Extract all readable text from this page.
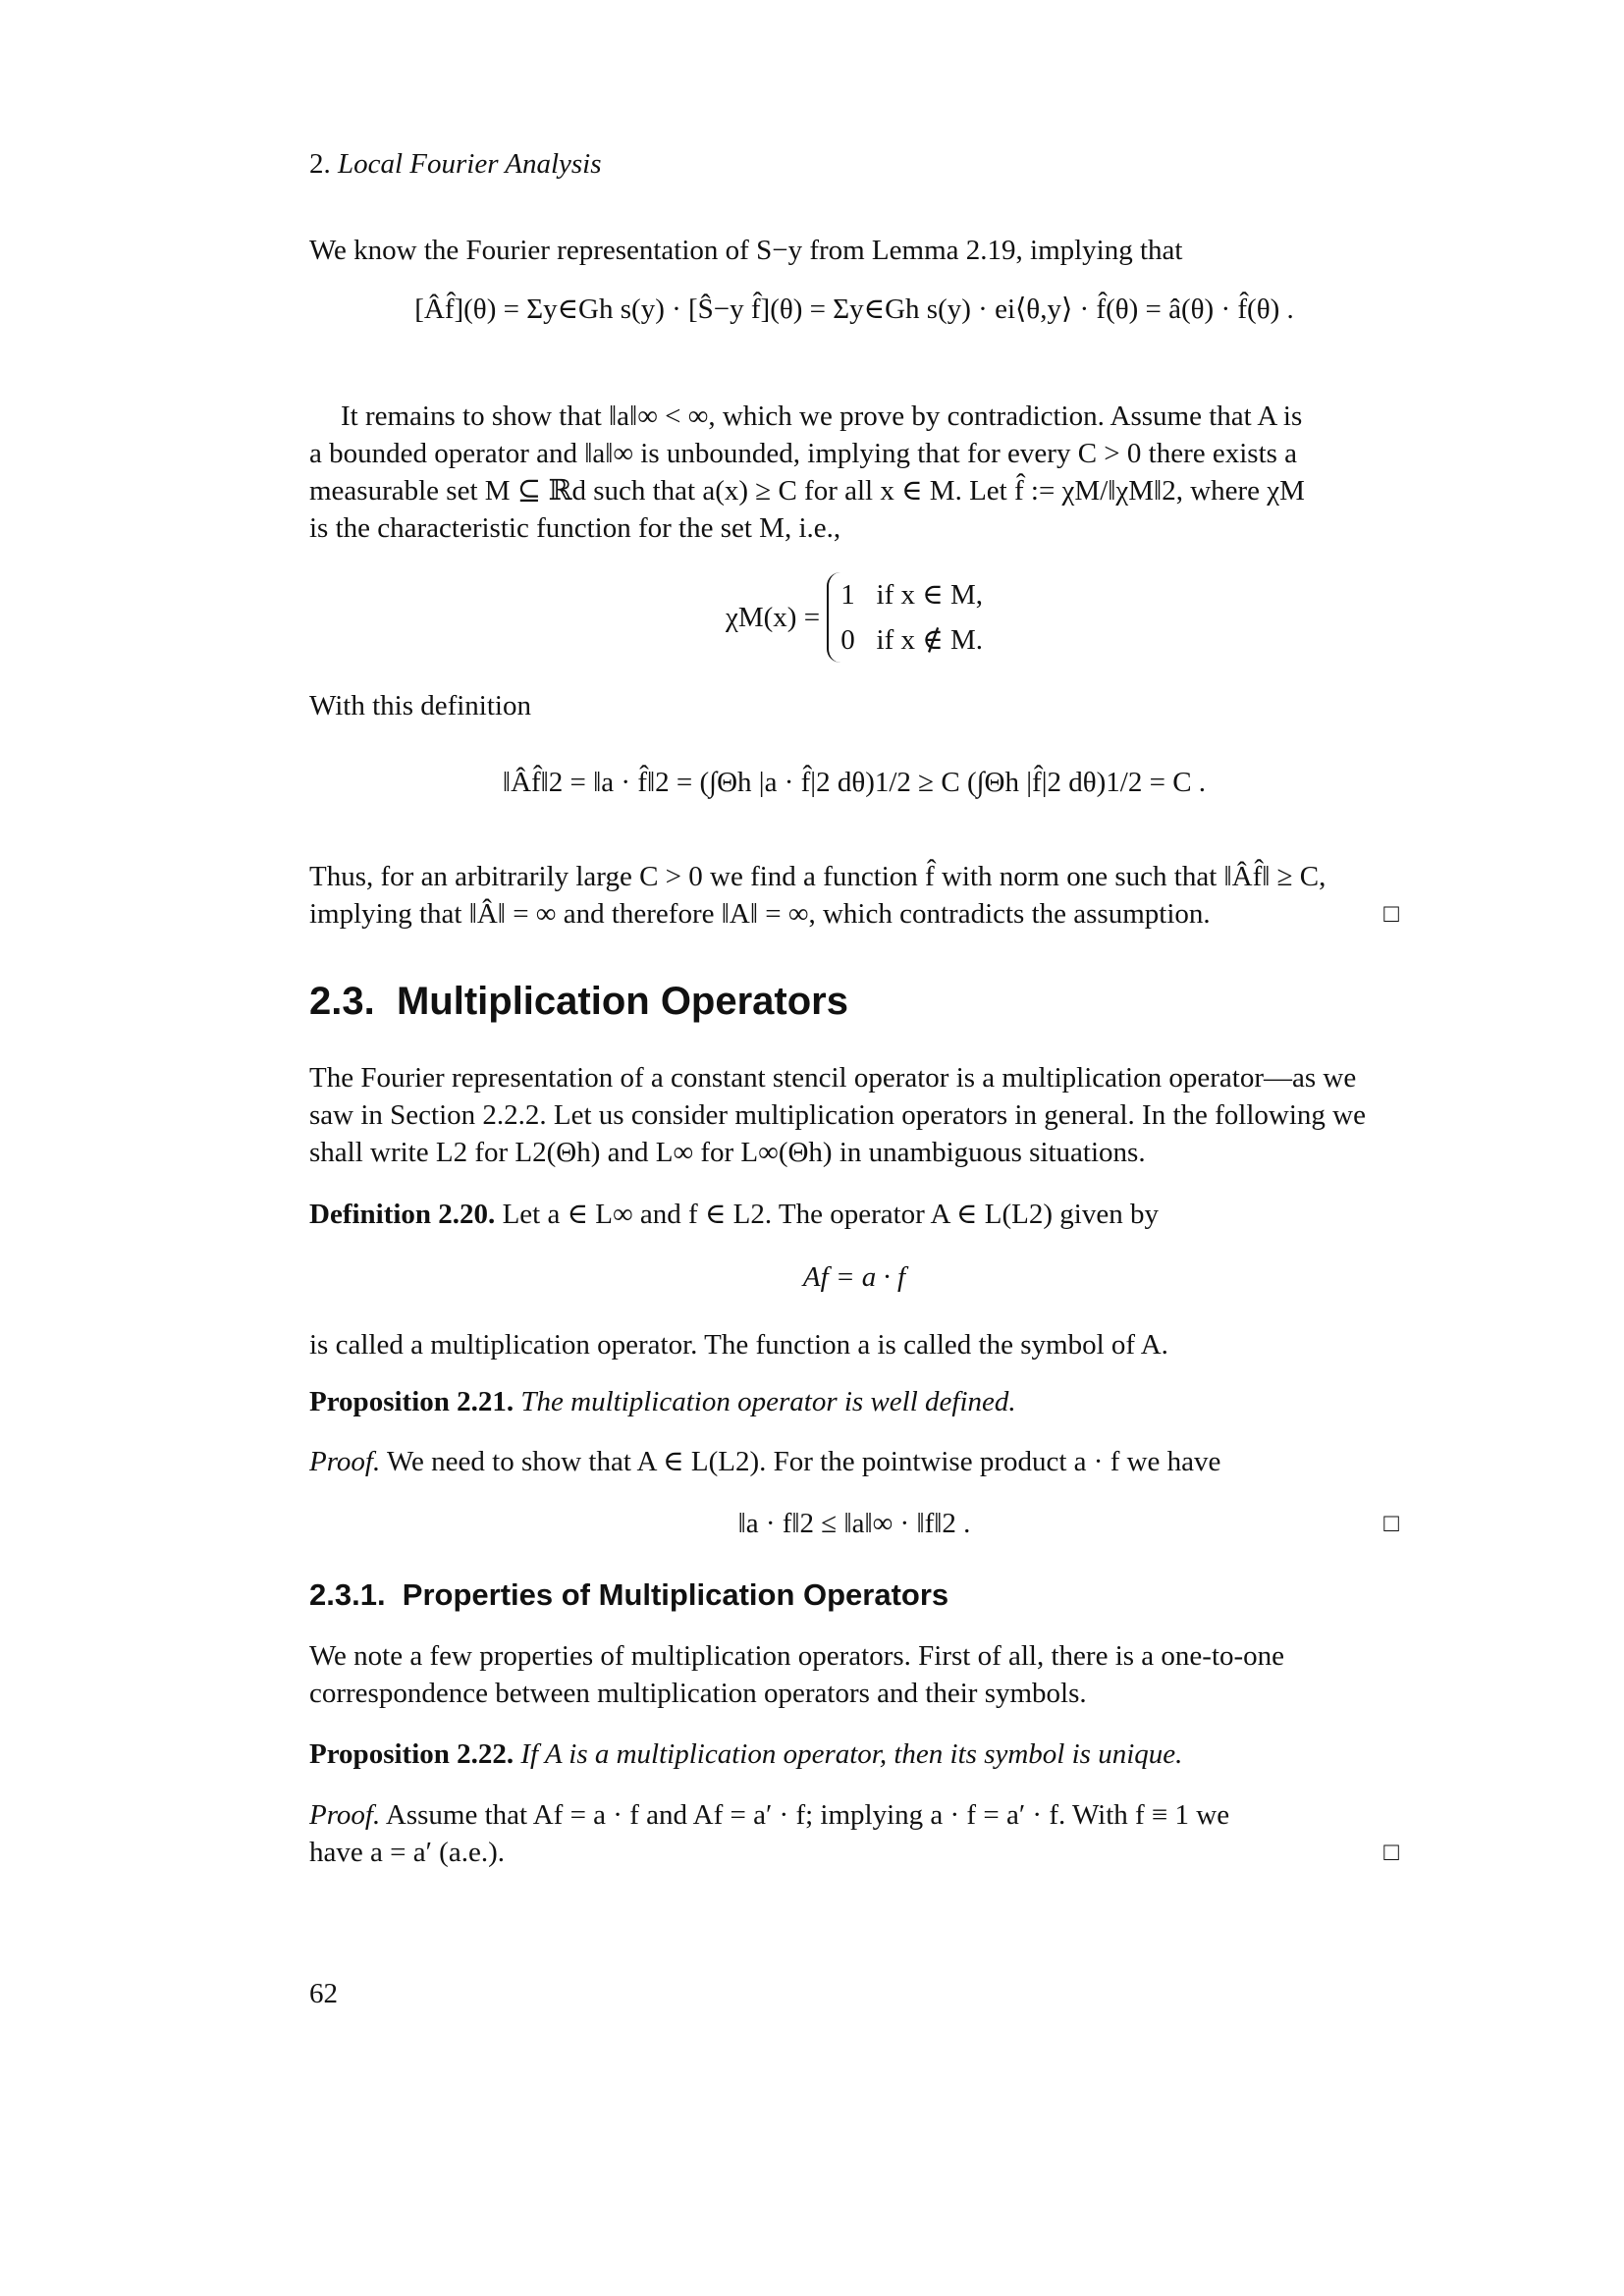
2. Local Fourier Analysis

We know the Fourier representation of S−y from Lemma 2.19, implying that

[Âf̂](θ) = Σy∈Gh s(y) · [Ŝ−y f̂](θ) = Σy∈Gh s(y) · ei⟨θ,y⟩ · f̂(θ) = â(θ) · f̂(θ) .

It remains to show that ‖a‖∞ < ∞, which we prove by contradiction. Assume that A is

a bounded operator and ‖a‖∞ is unbounded, implying that for every C > 0 there exists a

measurable set M ⊆ ℝd such that a(x) ≥ C for all x ∈ M. Let f̂ := χM/‖χM‖2, where χM

is the characteristic function for the set M, i.e.,

χM(x) = 1   if x ∈ M,
0   if x ∉ M.

With this definition

‖Âf̂‖2 = ‖a · f̂‖2 = (∫Θh |a · f̂|2 dθ)1/2 ≥ C (∫Θh |f̂|2 dθ)1/2 = C .

Thus, for an arbitrarily large C > 0 we find a function f̂ with norm one such that ‖Âf̂‖ ≥ C,

implying that ‖Â‖ = ∞ and therefore ‖A‖ = ∞, which contradicts the assumption.	□
2.3. Multiplication Operators

The Fourier representation of a constant stencil operator is a multiplication operator—as we

saw in Section 2.2.2. Let us consider multiplication operators in general. In the following we

shall write L2 for L2(Θh) and L∞ for L∞(Θh) in unambiguous situations.

Definition 2.20. Let a ∈ L∞ and f ∈ L2. The operator A ∈ L(L2) given by

Af = a · f

is called a multiplication operator. The function a is called the symbol of A.

Proposition 2.21. The multiplication operator is well defined.

Proof. We need to show that A ∈ L(L2). For the pointwise product a · f we have

‖a · f‖2 ≤ ‖a‖∞ · ‖f‖2 .	□
2.3.1. Properties of Multiplication Operators

We note a few properties of multiplication operators. First of all, there is a one-to-one

correspondence between multiplication operators and their symbols.

Proposition 2.22. If A is a multiplication operator, then its symbol is unique.

Proof. Assume that Af = a · f and Af = a′ · f; implying a · f = a′ · f. With f ≡ 1 we

have a = a′ (a.e.).	□
62
